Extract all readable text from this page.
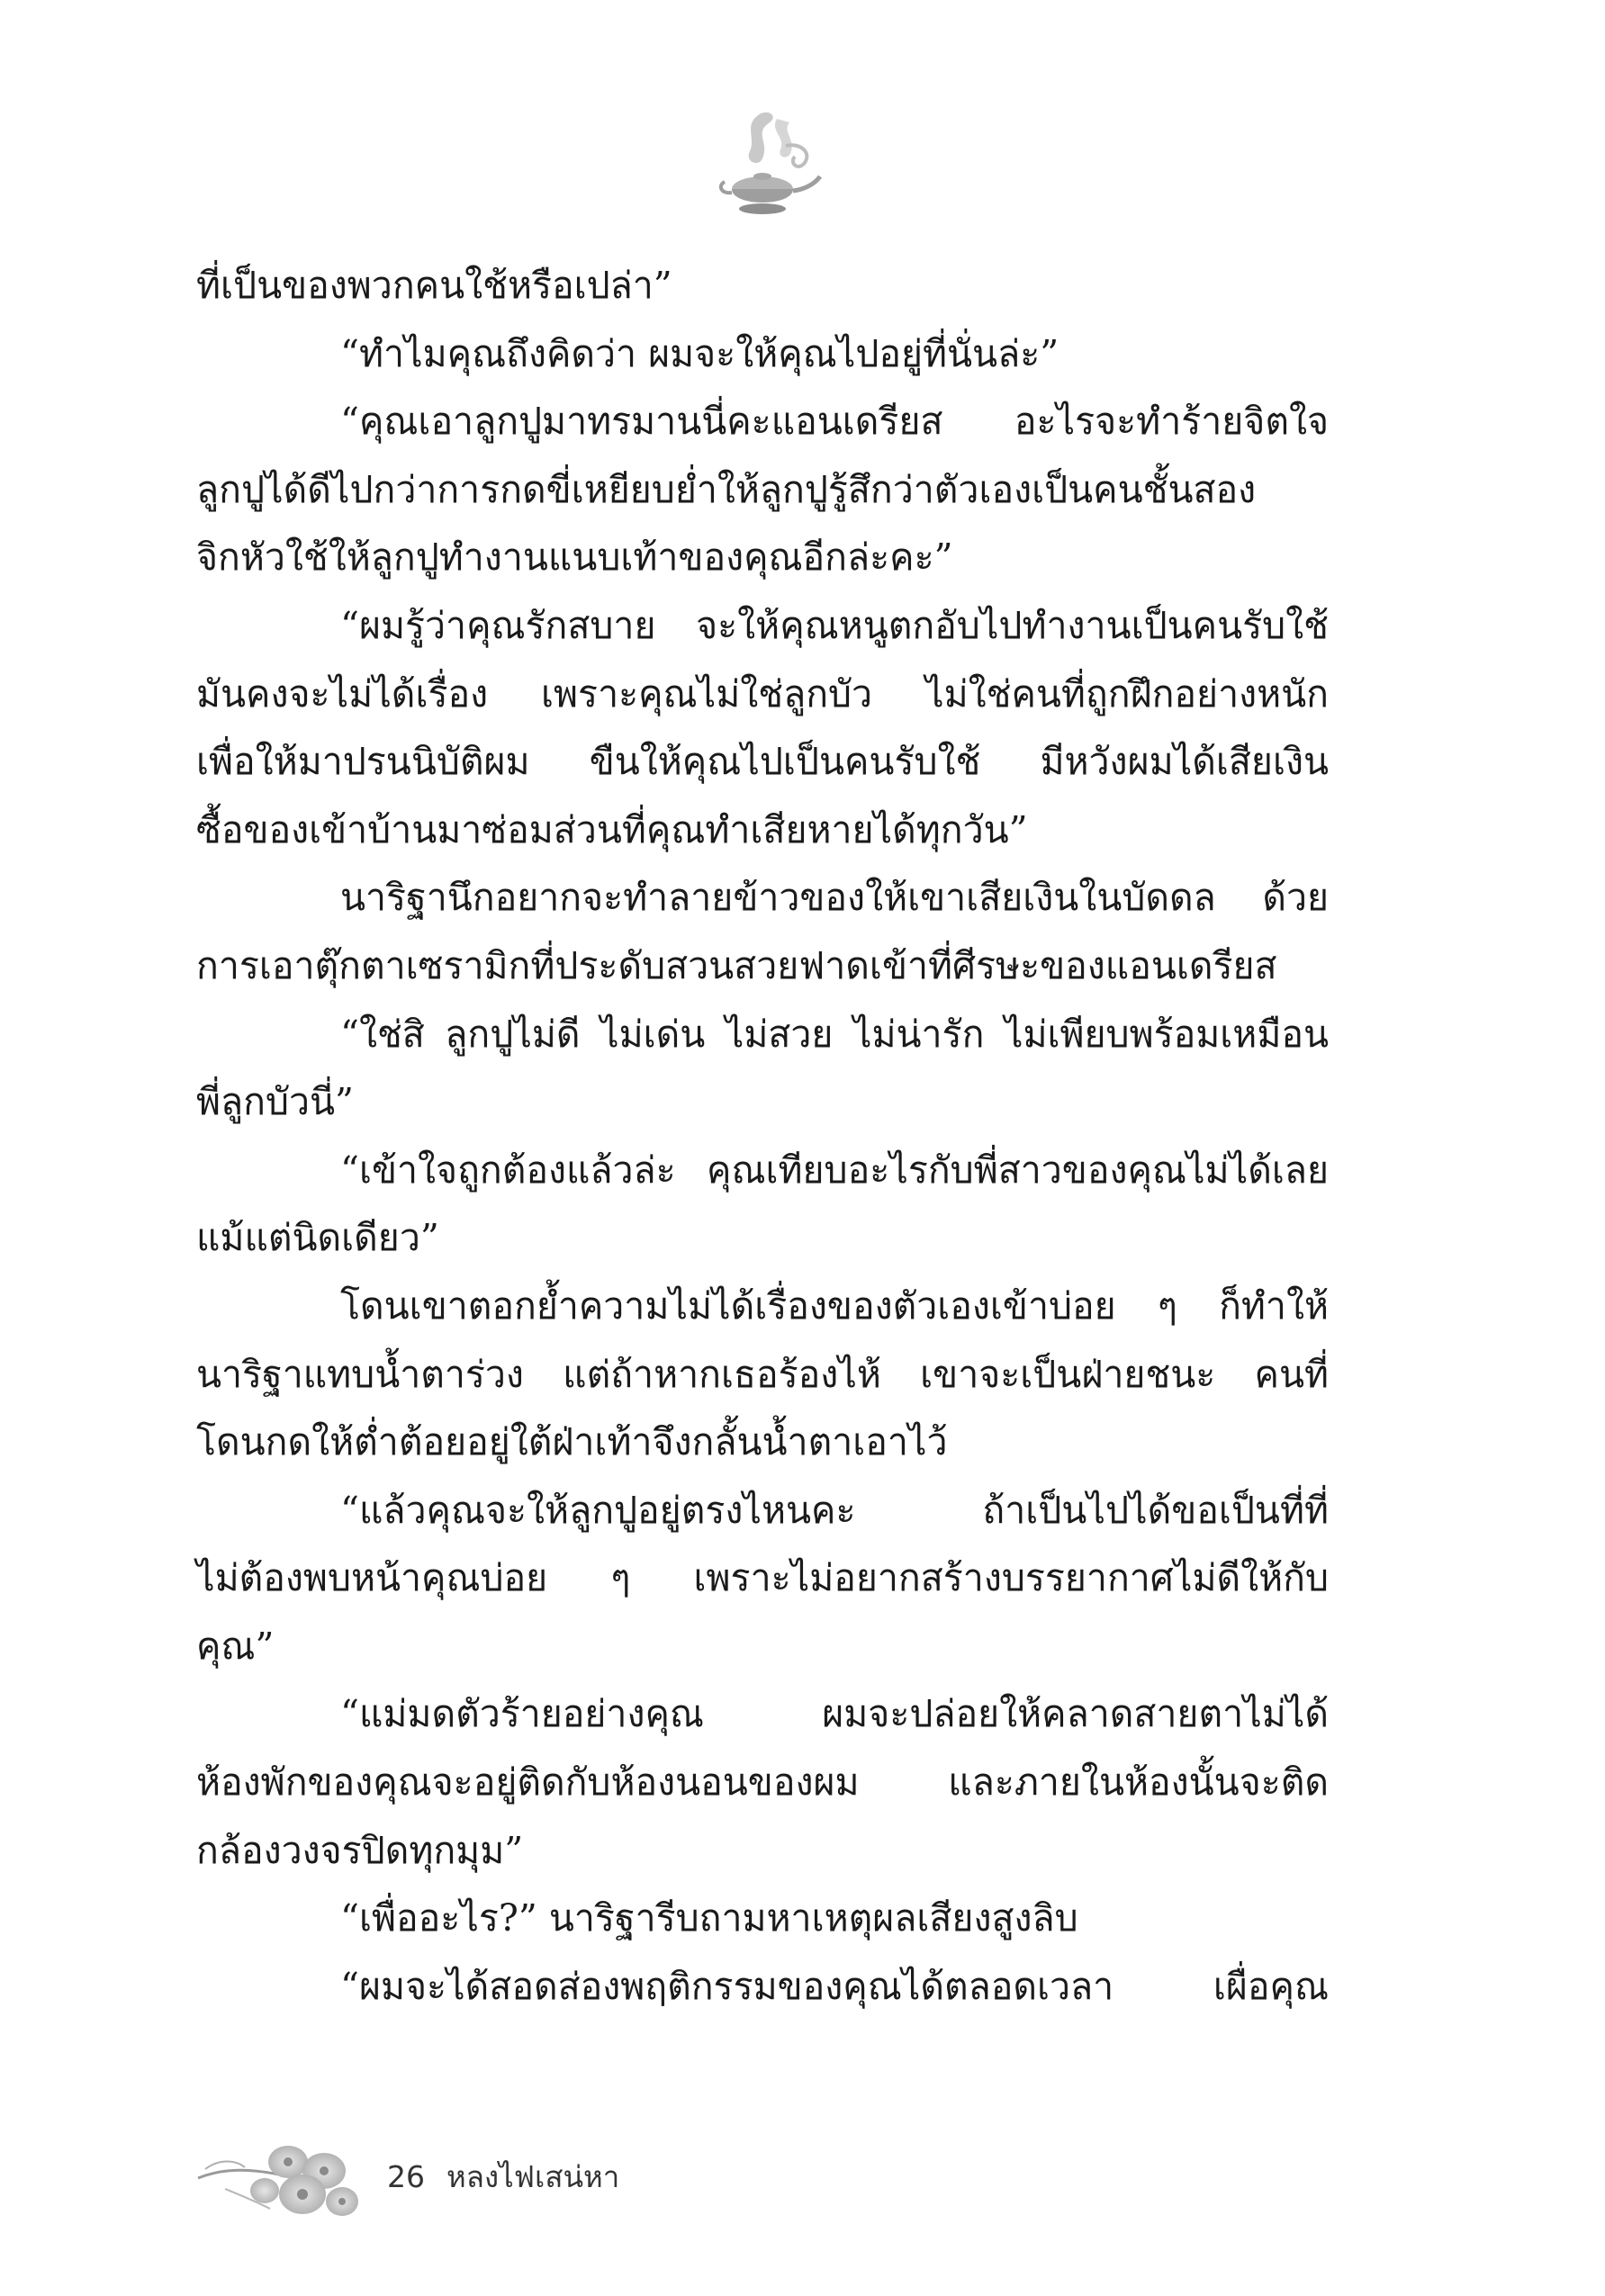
ที่เป็นของพวกคนใช้หรือเปล่า”
“ทำไมคุณถึงคิดว่า ผมจะให้คุณไปอยู่ที่นั่นล่ะ”
“คุณเอาลูกปูมาทรมานนี่คะแอนเดรียส อะไรจะทำร้ายจิตใจ
ลูกปูได้ดีไปกว่าการกดขี่เหยียบย่ำให้ลูกปูรู้สึกว่าตัวเองเป็นคนชั้นสอง
จิกหัวใช้ให้ลูกปูทำงานแนบเท้าของคุณอีกล่ะคะ”
“ผมรู้ว่าคุณรักสบาย จะให้คุณหนูตกอับไปทำงานเป็นคนรับใช้
มันคงจะไม่ได้เรื่อง เพราะคุณไม่ใช่ลูกบัว ไม่ใช่คนที่ถูกฝึกอย่างหนัก
เพื่อให้มาปรนนิบัติผม ขืนให้คุณไปเป็นคนรับใช้ มีหวังผมได้เสียเงิน
ซื้อของเข้าบ้านมาซ่อมส่วนที่คุณทำเสียหายได้ทุกวัน”
นาริฐานึกอยากจะทำลายข้าวของให้เขาเสียเงินในบัดดล ด้วย
การเอาตุ๊กตาเซรามิกที่ประดับสวนสวยฟาดเข้าที่ศีรษะของแอนเดรียส
“ใช่สิ ลูกปูไม่ดี ไม่เด่น ไม่สวย ไม่น่ารัก ไม่เพียบพร้อมเหมือน
พี่ลูกบัวนี่”
“เข้าใจถูกต้องแล้วล่ะ คุณเทียบอะไรกับพี่สาวของคุณไม่ได้เลย
แม้แต่นิดเดียว”
โดนเขาตอกย้ำความไม่ได้เรื่องของตัวเองเข้าบ่อย ๆ ก็ทำให้
นาริฐาแทบน้ำตาร่วง แต่ถ้าหากเธอร้องไห้ เขาจะเป็นฝ่ายชนะ คนที่
โดนกดให้ต่ำต้อยอยู่ใต้ฝ่าเท้าจึงกลั้นน้ำตาเอาไว้
“แล้วคุณจะให้ลูกปูอยู่ตรงไหนคะ ถ้าเป็นไปได้ขอเป็นที่ที่
ไม่ต้องพบหน้าคุณบ่อย ๆ เพราะไม่อยากสร้างบรรยากาศไม่ดีให้กับ
คุณ”
“แม่มดตัวร้ายอย่างคุณ ผมจะปล่อยให้คลาดสายตาไม่ได้
ห้องพักของคุณจะอยู่ติดกับห้องนอนของผม และภายในห้องนั้นจะติด
กล้องวงจรปิดทุกมุม”
“เพื่ออะไร?” นาริฐารีบถามหาเหตุผลเสียงสูงลิบ
“ผมจะได้สอดส่องพฤติกรรมของคุณได้ตลอดเวลา เผื่อคุณ
26 หลงไฟเสน่หา
